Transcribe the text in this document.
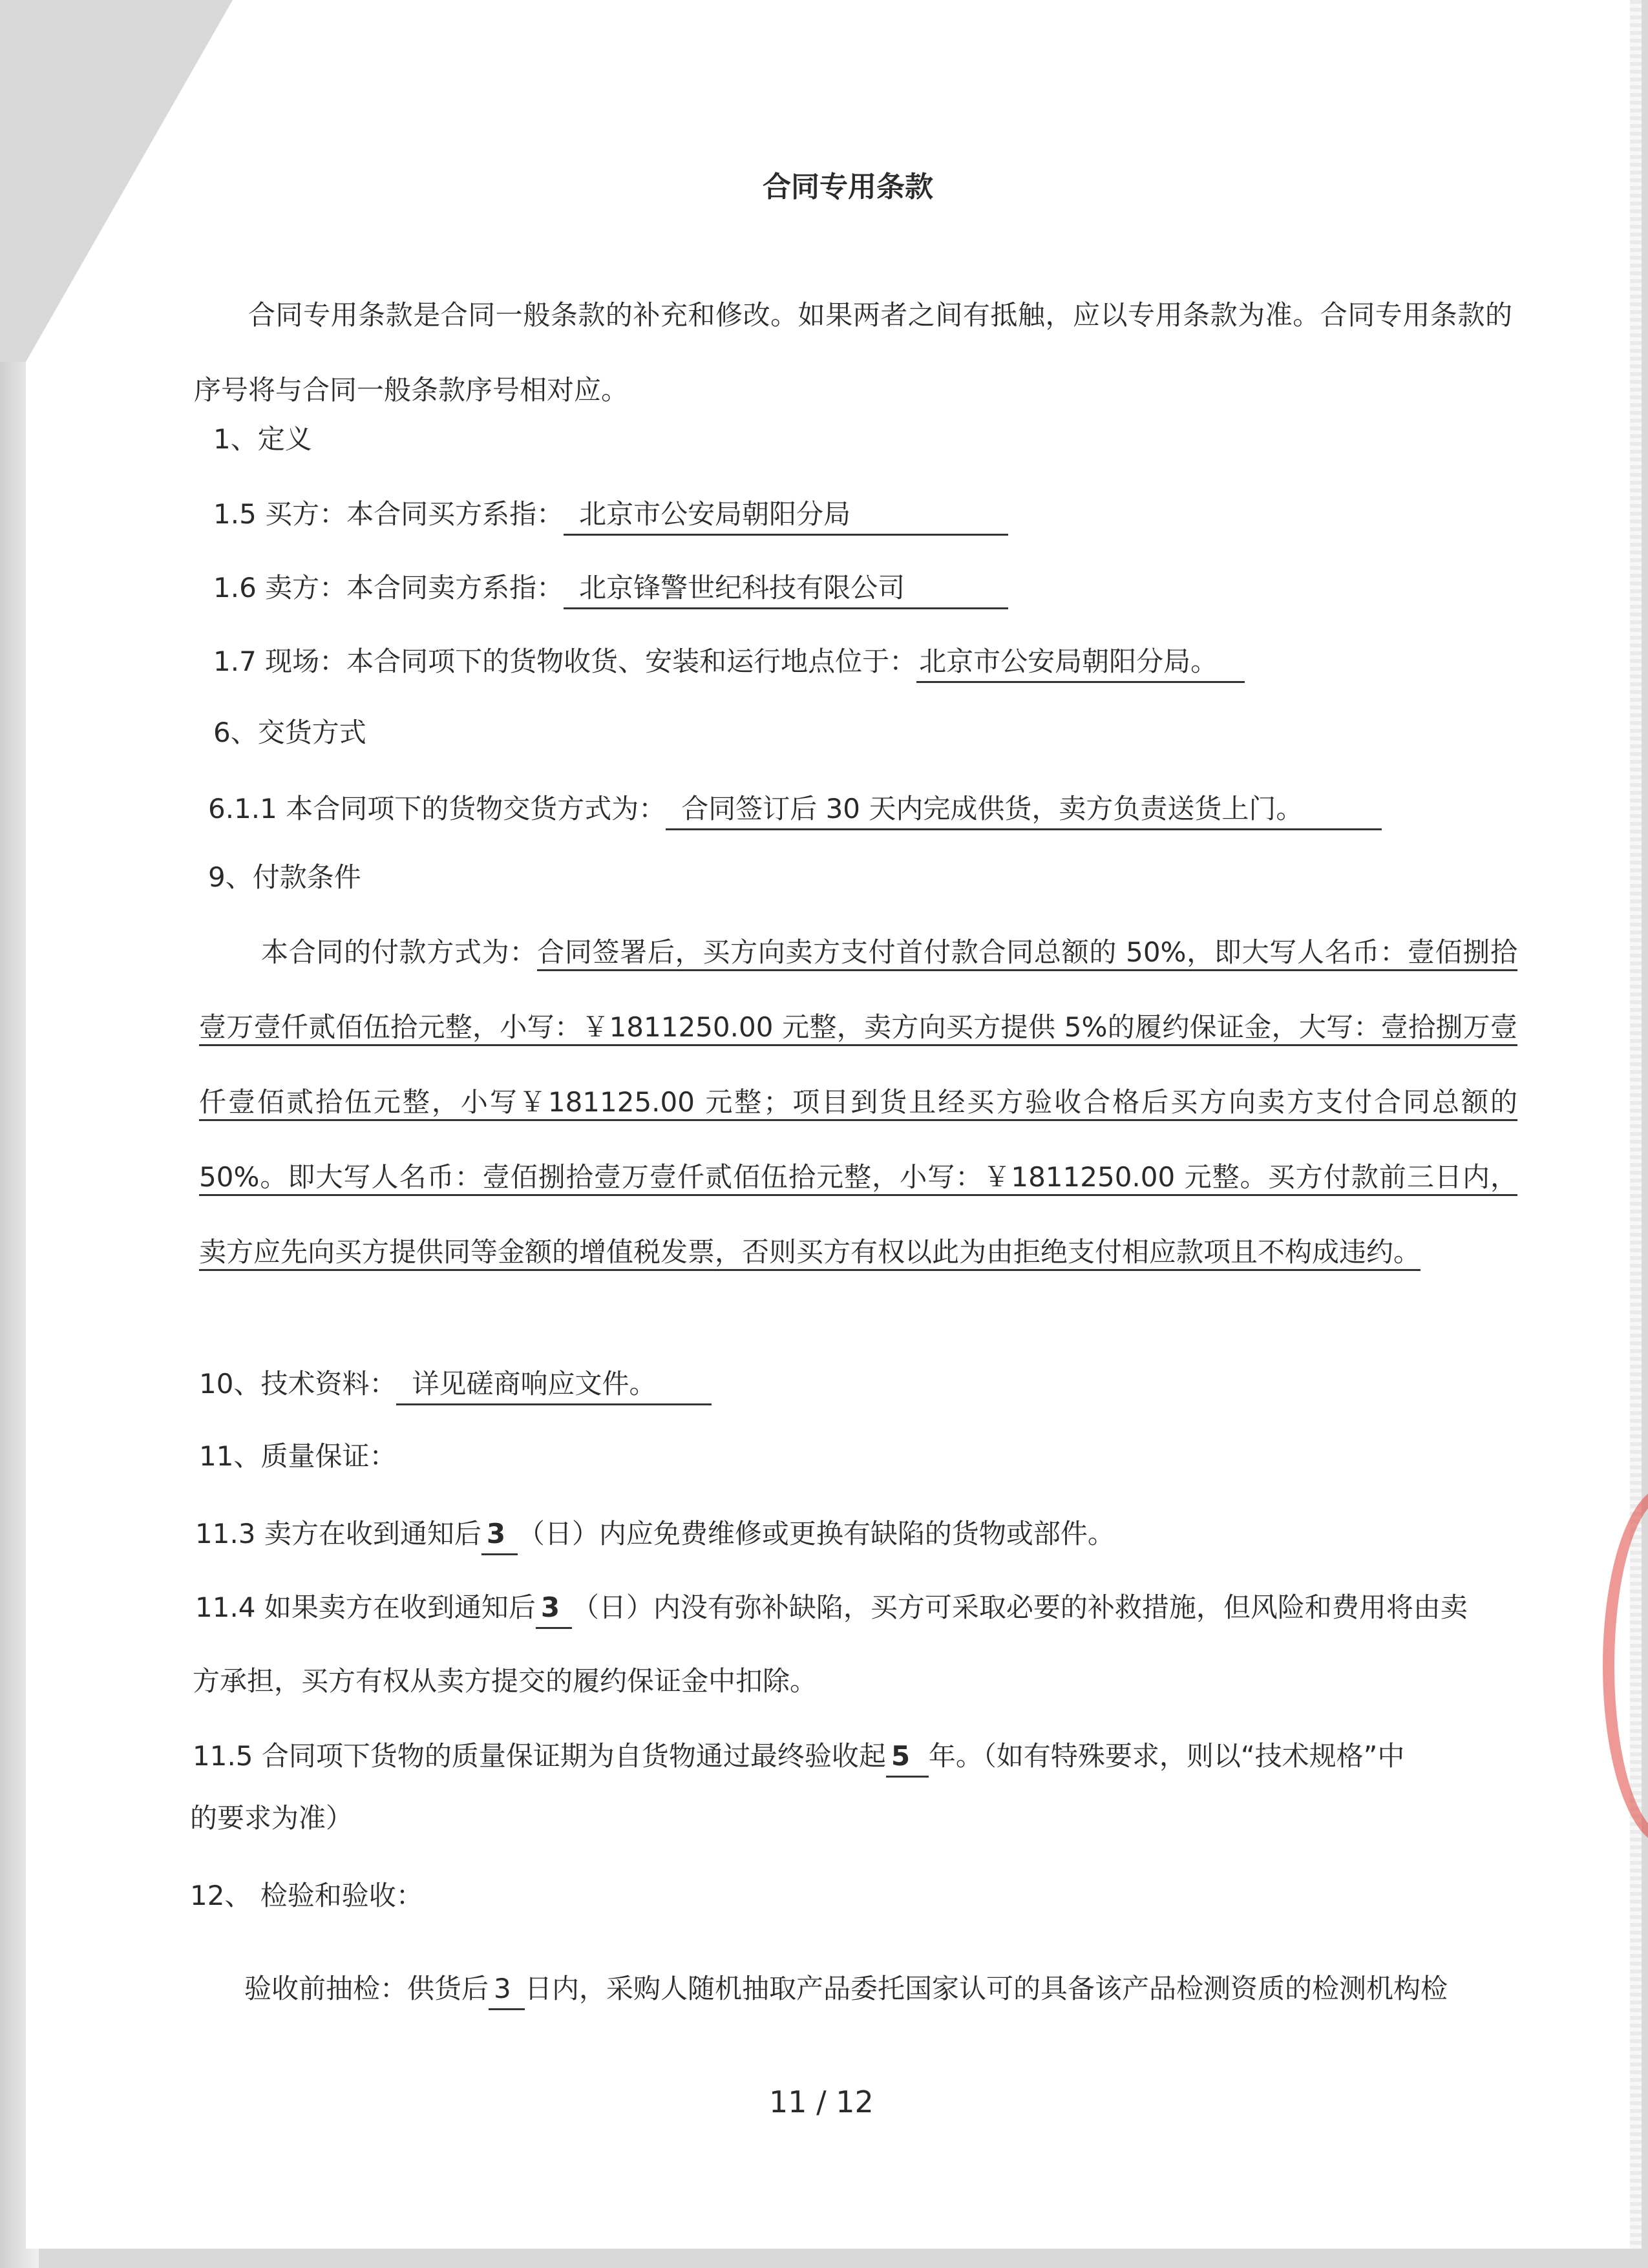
合同专用条款
合同专用条款是合同一般条款的补充和修改。如果两者之间有抵触，应以专用条款为准。合同专用条款的序号将与合同一般条款序号相对应。
1、定义
1.5 买方：本合同买方系指： 北京市公安局朝阳分局
1.6 卖方：本合同卖方系指： 北京锋警世纪科技有限公司
1.7 现场：本合同项下的货物收货、安装和运行地点位于：北京市公安局朝阳分局。
6、交货方式
6.1.1 本合同项下的货物交货方式为： 合同签订后 30 天内完成供货，卖方负责送货上门。
9、付款条件
本合同的付款方式为：合同签署后，买方向卖方支付首付款合同总额的 50%，即大写人名币：壹佰捌拾壹万壹仟贰佰伍拾元整，小写：￥1811250.00 元整，卖方向买方提供 5%的履约保证金，大写：壹拾捌万壹仟壹佰贰拾伍元整，小写￥181125.00 元整；项目到货且经买方验收合格后买方向卖方支付合同总额的 50%。即大写人名币：壹佰捌拾壹万壹仟贰佰伍拾元整，小写：￥1811250.00 元整。买方付款前三日内，卖方应先向买方提供同等金额的增值税发票，否则买方有权以此为由拒绝支付相应款项且不构成违约。
10、技术资料： 详见磋商响应文件。
11、质量保证：
11.3 卖方在收到通知后 3 （日）内应免费维修或更换有缺陷的货物或部件。
11.4 如果卖方在收到通知后 3 （日）内没有弥补缺陷，买方可采取必要的补救措施，但风险和费用将由卖
方承担，买方有权从卖方提交的履约保证金中扣除。
11.5 合同项下货物的质量保证期为自货物通过最终验收起 5 年。（如有特殊要求，则以“技术规格”中
的要求为准）
12、 检验和验收：
验收前抽检：供货后 3 日内，采购人随机抽取产品委托国家认可的具备该产品检测资质的检测机构检
11 / 12
